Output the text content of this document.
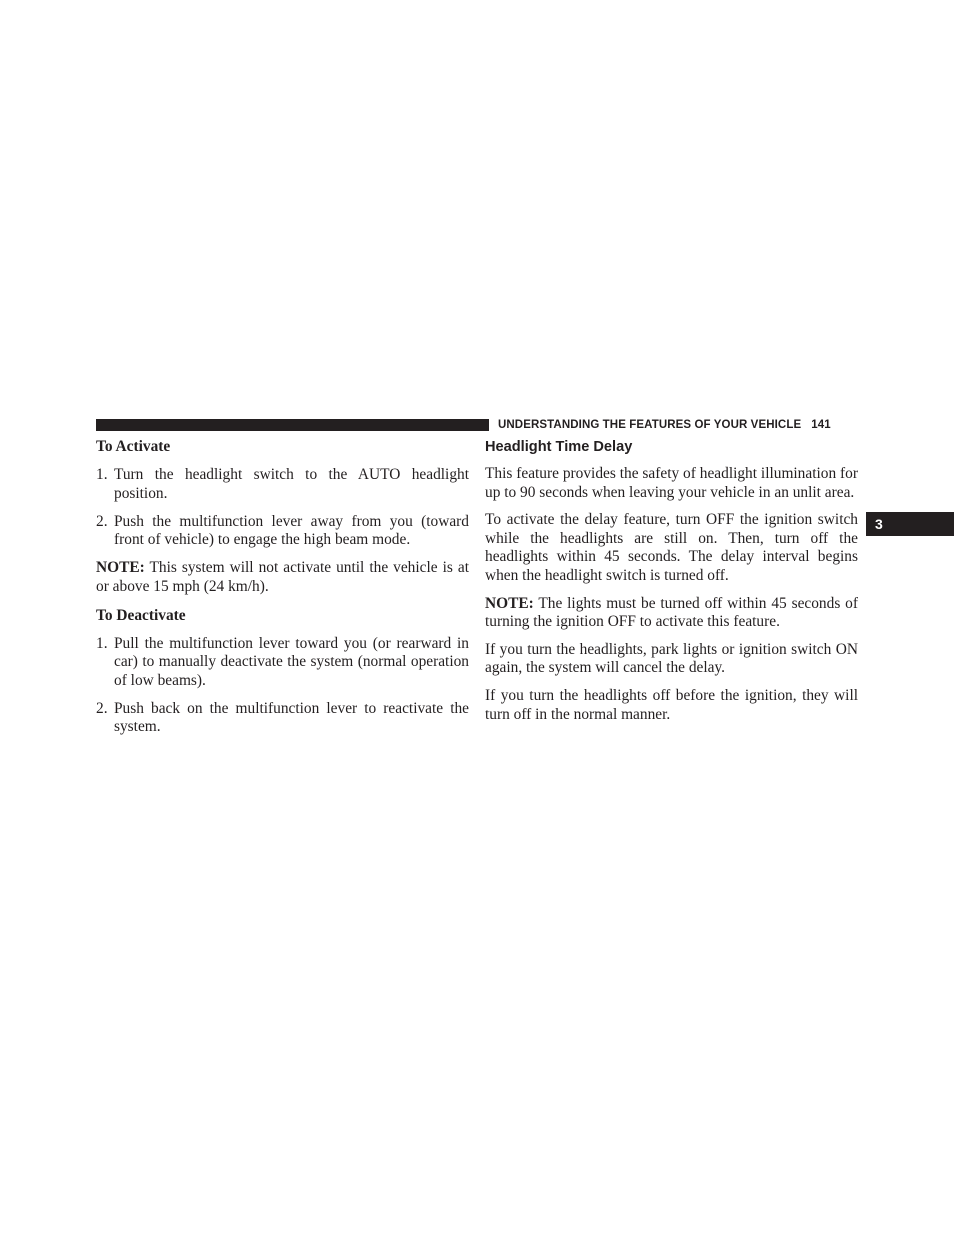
UNDERSTANDING THE FEATURES OF YOUR VEHICLE 141
3
To Activate
1. Turn the headlight switch to the AUTO headlight position.
2. Push the multifunction lever away from you (toward front of vehicle) to engage the high beam mode.

NOTE: This system will not activate until the vehicle is at or above 15 mph (24 km/h).

To Deactivate
1. Pull the multifunction lever toward you (or rearward in car) to manually deactivate the system (normal operation of low beams).
2. Push back on the multifunction lever to reactivate the system.
Headlight Time Delay

This feature provides the safety of headlight illumination for up to 90 seconds when leaving your vehicle in an unlit area.

To activate the delay feature, turn OFF the ignition switch while the headlights are still on. Then, turn off the headlights within 45 seconds. The delay interval begins when the headlight switch is turned off.

NOTE: The lights must be turned off within 45 seconds of turning the ignition OFF to activate this feature.

If you turn the headlights, park lights or ignition switch ON again, the system will cancel the delay.

If you turn the headlights off before the ignition, they will turn off in the normal manner.
